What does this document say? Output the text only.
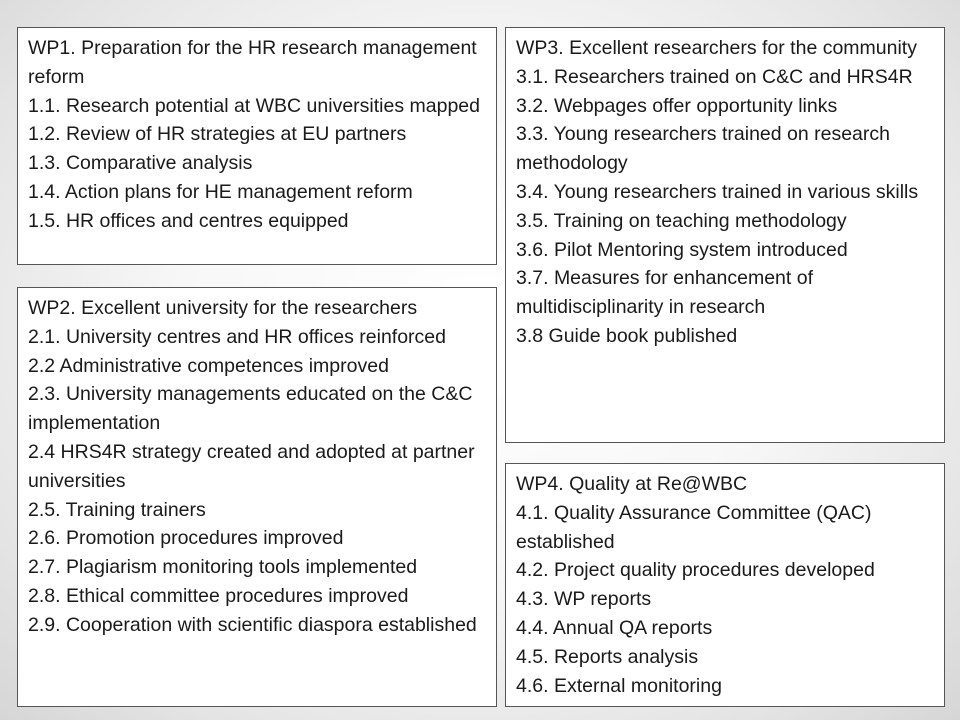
WP1. Preparation for the HR research management reform
1.1. Research potential at WBC universities mapped
1.2. Review of HR strategies at EU partners
1.3. Comparative analysis
1.4. Action plans for HE management reform
1.5. HR offices and centres equipped
WP2. Excellent university for the researchers
2.1. University centres and HR offices reinforced
2.2 Administrative competences improved
2.3. University managements educated on the C&C implementation
2.4 HRS4R strategy created and adopted at partner universities
2.5. Training trainers
2.6. Promotion procedures improved
2.7. Plagiarism monitoring tools implemented
2.8. Ethical committee procedures improved
2.9. Cooperation with scientific diaspora established
WP3. Excellent researchers for the community
3.1. Researchers trained on C&C and HRS4R
3.2. Webpages offer opportunity links
3.3. Young researchers trained on research methodology
3.4. Young researchers trained in various skills
3.5. Training on teaching methodology
3.6. Pilot Mentoring system introduced
3.7. Measures for enhancement of multidisciplinarity in research
3.8 Guide book published
WP4. Quality at Re@WBC
4.1. Quality Assurance Committee (QAC) established
4.2. Project quality procedures developed
4.3. WP reports
4.4. Annual QA reports
4.5. Reports analysis
4.6. External monitoring
